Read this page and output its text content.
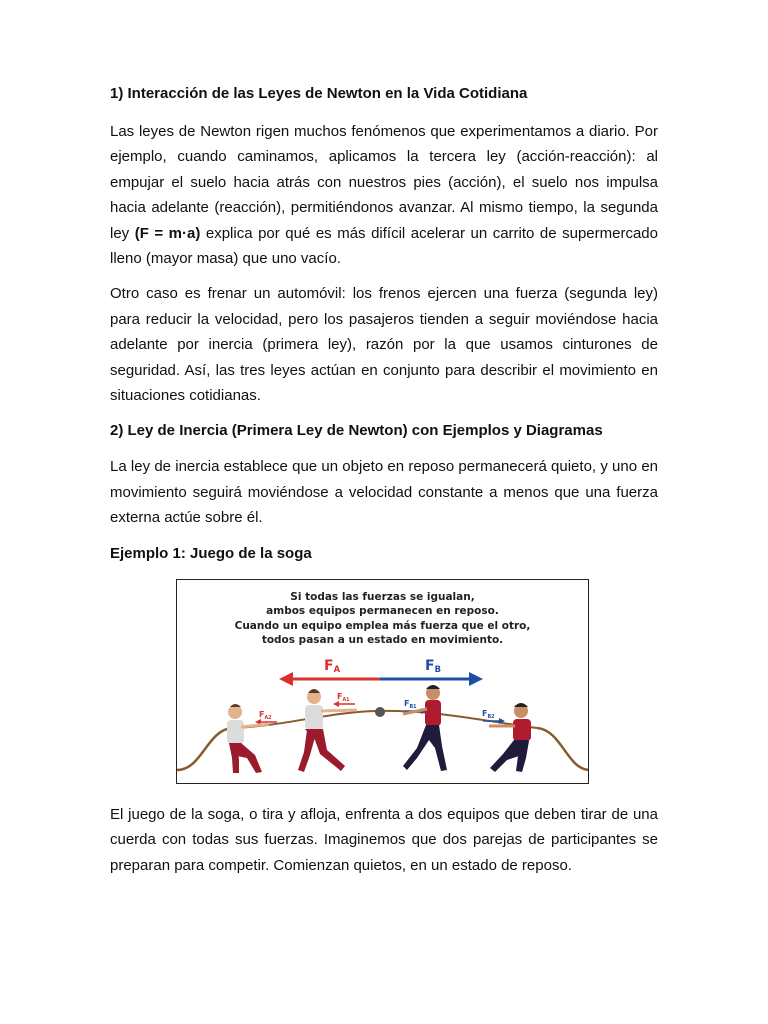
1) Interacción de las Leyes de Newton en la Vida Cotidiana

Las leyes de Newton rigen muchos fenómenos que experimentamos a diario. Por ejemplo, cuando caminamos, aplicamos la tercera ley (acción-reacción): al empujar el suelo hacia atrás con nuestros pies (acción), el suelo nos impulsa hacia adelante (reacción), permitiéndonos avanzar. Al mismo tiempo, la segunda ley (F = m·a) explica por qué es más difícil acelerar un carrito de supermercado lleno (mayor masa) que uno vacío.

Otro caso es frenar un automóvil: los frenos ejercen una fuerza (segunda ley) para reducir la velocidad, pero los pasajeros tienden a seguir moviéndose hacia adelante por inercia (primera ley), razón por la que usamos cinturones de seguridad. Así, las tres leyes actúan en conjunto para describir el movimiento en situaciones cotidianas.

2) Ley de Inercia (Primera Ley de Newton) con Ejemplos y Diagramas

La ley de inercia establece que un objeto en reposo permanecerá quieto, y uno en movimiento seguirá moviéndose a velocidad constante a menos que una fuerza externa actúe sobre él.

Ejemplo 1: Juego de la soga
Si todas las fuerzas se igualan,
ambos equipos permanecen en reposo.
Cuando un equipo emplea más fuerza que el otro,
todos pasan a un estado en movimiento.
$F_A$	$F_B$
$F_{A1}$
$F_{A2}$
$F_{B1}$
$F_{B2}$

El juego de la soga, o tira y afloja, enfrenta a dos equipos que deben tirar de una cuerda con todas sus fuerzas. Imaginemos que dos parejas de participantes se preparan para competir. Comienzan quietos, en un estado de reposo.
